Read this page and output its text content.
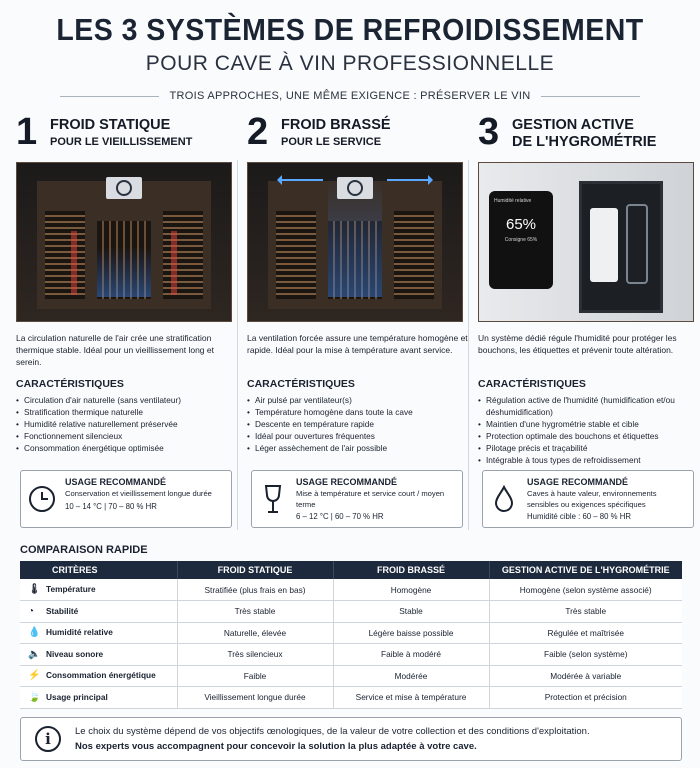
LES 3 SYSTÈMES DE REFROIDISSEMENT
POUR CAVE À VIN PROFESSIONNELLE
TROIS APPROCHES, UNE MÊME EXIGENCE : PRÉSERVER LE VIN
1 FROID STATIQUE
POUR LE VIEILLISSEMENT
La circulation naturelle de l'air crée une stratification thermique stable. Idéal pour un vieillissement long et serein.
CARACTÉRISTIQUES
• Circulation d'air naturelle (sans ventilateur)
• Stratification thermique naturelle
• Humidité relative naturellement préservée
• Fonctionnement silencieux
• Consommation énergétique optimisée
USAGE RECOMMANDÉ
Conservation et vieillissement longue durée
10 – 14 °C | 70 – 80 % HR
2 FROID BRASSÉ
POUR LE SERVICE
La ventilation forcée assure une température homogène et rapide. Idéal pour la mise à température avant service.
CARACTÉRISTIQUES
• Air pulsé par ventilateur(s)
• Température homogène dans toute la cave
• Descente en température rapide
• Idéal pour ouvertures fréquentes
• Léger assèchement de l'air possible
USAGE RECOMMANDÉ
Mise à température et service court / moyen terme
6 – 12 °C | 60 – 70 % HR
3 GESTION ACTIVE
DE L'HYGROMÉTRIE
Humidité relative
65%
Consigne 65%
Un système dédié régule l'humidité pour protéger les bouchons, les étiquettes et prévenir toute altération.
CARACTÉRISTIQUES
• Régulation active de l'humidité (humidification et/ou déshumidification)
• Maintien d'une hygrométrie stable et cible
• Protection optimale des bouchons et étiquettes
• Pilotage précis et traçabilité
• Intégrable à tous types de refroidissement
USAGE RECOMMANDÉ
Caves à haute valeur, environnements sensibles ou exigences spécifiques
Humidité cible : 60 – 80 % HR
COMPARAISON RAPIDE
CRITÈRES	FROID STATIQUE	FROID BRASSÉ	GESTION ACTIVE DE L'HYGROMÉTRIE
🌡 Température	Stratifiée (plus frais en bas)	Homogène	Homogène (selon système associé)
◔ Stabilité	Très stable	Stable	Très stable
💧 Humidité relative	Naturelle, élevée	Légère baisse possible	Régulée et maîtrisée
🔈 Niveau sonore	Très silencieux	Faible à modéré	Faible (selon système)
⚡ Consommation énergétique	Faible	Modérée	Modérée à variable
🍃 Usage principal	Vieillissement longue durée	Service et mise à température	Protection et précision
i	Le choix du système dépend de vos objectifs œnologiques, de la valeur de votre collection et des conditions d'exploitation.
Nos experts vous accompagnent pour concevoir la solution la plus adaptée à votre cave.
